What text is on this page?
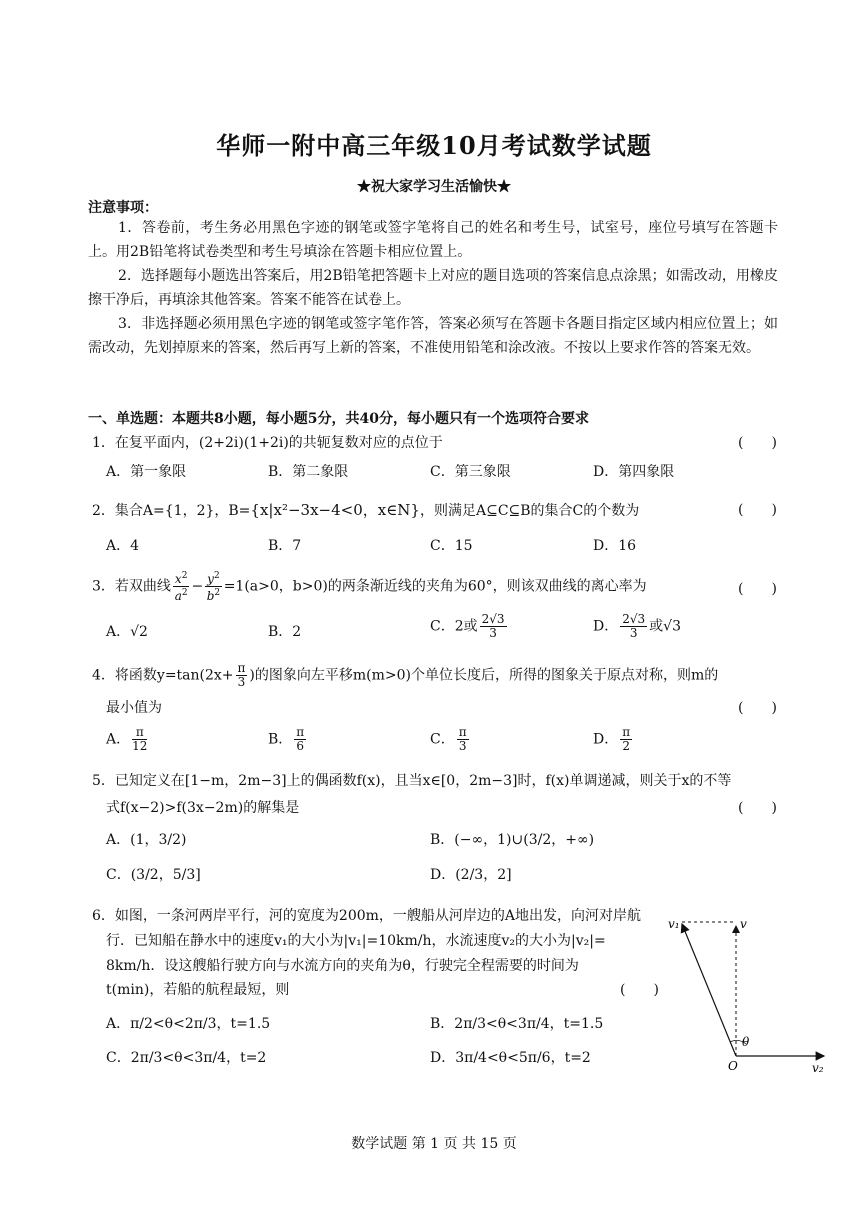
华师一附中高三年级10月考试数学试题
★祝大家学习生活愉快★
注意事项：
1．答卷前，考生务必用黑色字迹的钢笔或签字笔将自己的姓名和考生号，试室号，座位号填写在答题卡上。用2B铅笔将试卷类型和考生号填涂在答题卡相应位置上。
2．选择题每小题选出答案后，用2B铅笔把答题卡上对应的题目选项的答案信息点涂黑；如需改动，用橡皮擦干净后，再填涂其他答案。答案不能答在试卷上。
3．非选择题必须用黑色字迹的钢笔或签字笔作答，答案必须写在答题卡各题目指定区域内相应位置上；如需改动，先划掉原来的答案，然后再写上新的答案，不准使用铅笔和涂改液。不按以上要求作答的答案无效。
一、单选题：本题共8小题，每小题5分，共40分，每小题只有一个选项符合要求
1．在复平面内，(2+2i)(1+2i)的共轭复数对应的点位于	(　　)
A．第一象限	B．第二象限	C．第三象限	D．第四象限
2．集合A={1，2}，B={x|x²−3x−4<0，x∈N}，则满足A⊆C⊆B的集合C的个数为	(　　)
A．4	B．7	C．15	D．16
3．若双曲线 $\frac{x^2}{a^2} - \frac{y^2}{b^2} =1(a>0$，b>0)的两条渐近线的夹角为60°，则该双曲线的离心率为	(　　)
A．√2	B．2	C．2或 $\frac{2√3}{3}$	D． $\frac{2√3}{3}$ 或√3
4．将函数$y=\tan(2x+ \frac{\pi}{3}$ )的图象向左平移m(m>0)个单位长度后，所得的图象关于原点对称，则m的
最小值为	(　　)
A． $\frac{\pi}{12}$	B． $\frac{\pi}{6}$	C． $\frac{\pi}{3}$	D． $\frac{\pi}{2}$
5．已知定义在[1−m，2m−3]上的偶函数f(x)，且当x∈[0，2m−3]时，f(x)单调递减，则关于x的不等
式f(x−2)>f(3x−2m)的解集是	(　　)
A．(1，3/2)	B．(−∞，1)∪(3/2，+∞)
C．(3/2，5/3]	D．(2/3，2]
6．如图，一条河两岸平行，河的宽度为200m，一艘船从河岸边的A地出发，向河对岸航
行．已知船在静水中的速度v₁的大小为|v₁|=10km/h，水流速度v₂的大小为|v₂|=
8km/h．设这艘船行驶方向与水流方向的夹角为θ，行驶完全程需要的时间为
t(min)，若船的航程最短，则	(　　)
A．π/2<θ<2π/3，t=1.5	B．2π/3<θ<3π/4，t=1.5
C．2π/3<θ<3π/4，t=2	D．3π/4<θ<5π/6，t=2
v₁	v
θ
O	v₂
数学试题 第 1 页 共 15 页
